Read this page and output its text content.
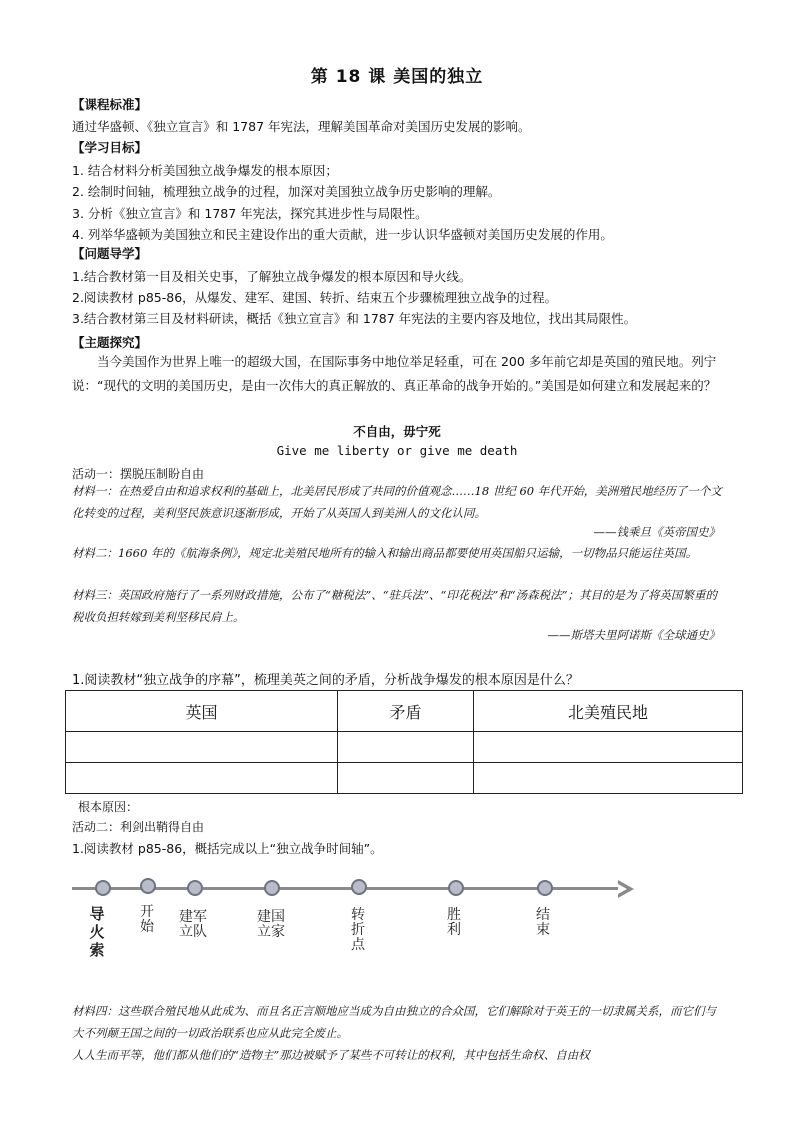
第 18 课 美国的独立
【课程标准】
通过华盛顿、《独立宣言》和 1787 年宪法，理解美国革命对美国历史发展的影响。
【学习目标】
1. 结合材料分析美国独立战争爆发的根本原因；
2. 绘制时间轴，梳理独立战争的过程，加深对美国独立战争历史影响的理解。
3. 分析《独立宣言》和 1787 年宪法，探究其进步性与局限性。
4. 列举华盛顿为美国独立和民主建设作出的重大贡献，进一步认识华盛顿对美国历史发展的作用。
【问题导学】
1.结合教材第一目及相关史事，了解独立战争爆发的根本原因和导火线。
2.阅读教材 p85-86，从爆发、建军、建国、转折、结束五个步骤梳理独立战争的过程。
3.结合教材第三目及材料研读，概括《独立宣言》和 1787 年宪法的主要内容及地位，找出其局限性。
【主题探究】
当今美国作为世界上唯一的超级大国，在国际事务中地位举足轻重，可在 200 多年前它却是英国的殖民地。列宁说：“现代的文明的美国历史，是由一次伟大的真正解放的、真正革命的战争开始的。”美国是如何建立和发展起来的？
不自由，毋宁死
Give me liberty or give me death
活动一：摆脱压制盼自由
材料一：在热爱自由和追求权利的基础上，北美居民形成了共同的价值观念……18 世纪 60 年代开始，美洲殖民地经历了一个文化转变的过程，美利坚民族意识逐渐形成，开始了从英国人到美洲人的文化认同。
——钱乘旦《英帝国史》
材料二：1660 年的《航海条例》，规定北美殖民地所有的输入和输出商品都要使用英国船只运输，一切物品只能运往英国。
材料三：英国政府施行了一系列财政措施，公布了“糖税法”、“驻兵法”、“印花税法”和“汤森税法”；其目的是为了将英国繁重的税收负担转嫁到美利坚移民肩上。
——斯塔夫里阿诺斯《全球通史》
1.阅读教材“独立战争的序幕”，梳理美英之间的矛盾，分析战争爆发的根本原因是什么？
英国	矛盾	北美殖民地

根本原因：
活动二：利剑出鞘得自由
1.阅读教材 p85-86，概括完成以上“独立战争时间轴”。
导火索
开始
建军立队
建国立家
转折点
胜利
结束
材料四：这些联合殖民地从此成为、而且名正言顺地应当成为自由独立的合众国，它们解除对于英王的一切隶属关系，而它们与大不列颠王国之间的一切政治联系也应从此完全废止。
人人生而平等，他们都从他们的“造物主”那边被赋予了某些不可转让的权利，其中包括生命权、自由权
